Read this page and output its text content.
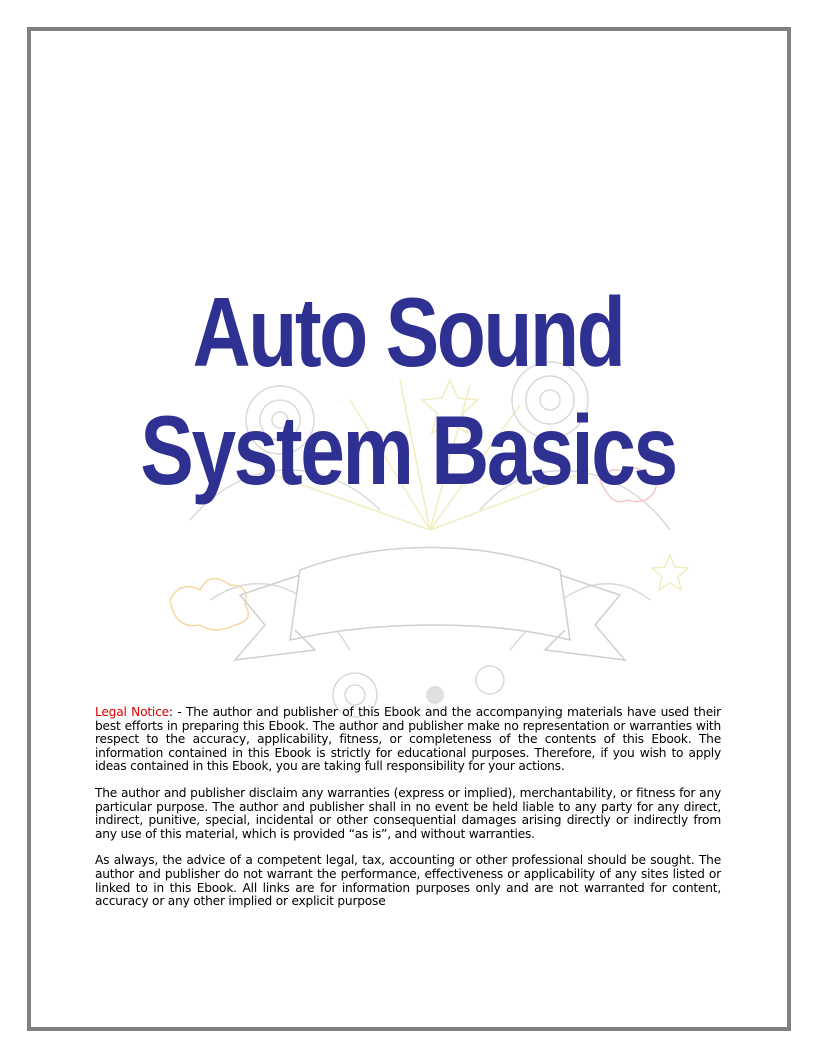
Auto Sound
System Basics

Legal Notice: - The author and publisher of this Ebook and the accompanying materials have used their best efforts in preparing this Ebook. The author and publisher make no representation or warranties with respect to the accuracy, applicability, fitness, or completeness of the contents of this Ebook. The information contained in this Ebook is strictly for educational purposes. Therefore, if you wish to apply ideas contained in this Ebook, you are taking full responsibility for your actions.

The author and publisher disclaim any warranties (express or implied), merchantability, or fitness for any particular purpose. The author and publisher shall in no event be held liable to any party for any direct, indirect, punitive, special, incidental or other consequential damages arising directly or indirectly from any use of this material, which is provided “as is”, and without warranties.

As always, the advice of a competent legal, tax, accounting or other professional should be sought. The author and publisher do not warrant the performance, effectiveness or applicability of any sites listed or linked to in this Ebook. All links are for information purposes only and are not warranted for content, accuracy or any other implied or explicit purpose
